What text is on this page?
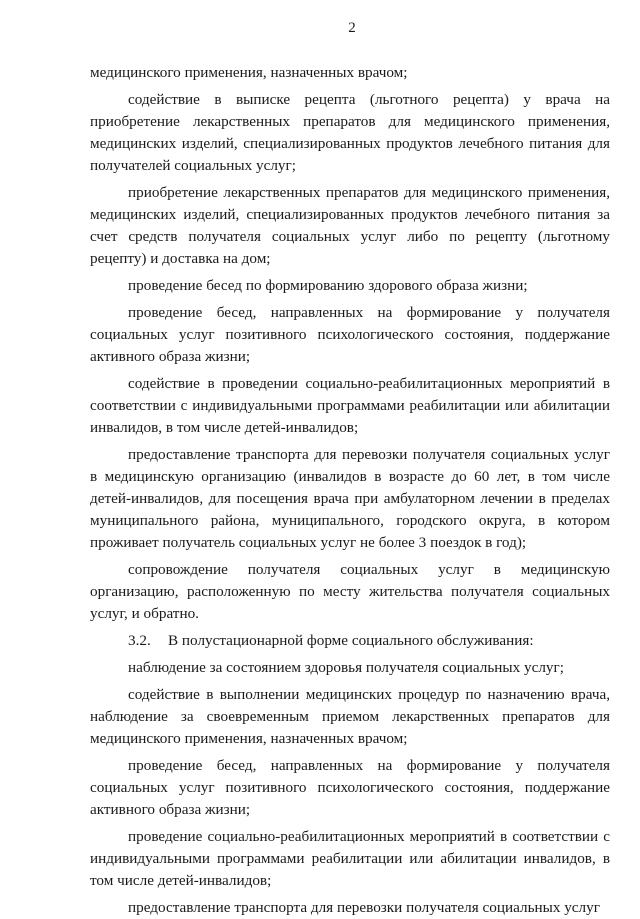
2

медицинского применения, назначенных врачом;

содействие в выписке рецепта (льготного рецепта) у врача на приобретение лекарственных препаратов для медицинского применения, медицинских изделий, специализированных продуктов лечебного питания для получателей социальных услуг;

приобретение лекарственных препаратов для медицинского применения, медицинских изделий, специализированных продуктов лечебного питания за счет средств получателя социальных услуг либо по рецепту (льготному рецепту) и доставка на дом;

проведение бесед по формированию здорового образа жизни;

проведение бесед, направленных на формирование у получателя социальных услуг позитивного психологического состояния, поддержание активного образа жизни;

содействие в проведении социально-реабилитационных мероприятий в соответствии с индивидуальными программами реабилитации или абилитации инвалидов, в том числе детей-инвалидов;

предоставление транспорта для перевозки получателя социальных услуг в медицинскую организацию (инвалидов в возрасте до 60 лет, в том числе детей-инвалидов, для посещения врача при амбулаторном лечении в пределах муниципального района, муниципального, городского округа, в котором проживает получатель социальных услуг не более 3 поездок в год);

сопровождение получателя социальных услуг в медицинскую организацию, расположенную по месту жительства получателя социальных услуг, и обратно.

3.2. В полустационарной форме социального обслуживания:

наблюдение за состоянием здоровья получателя социальных услуг;

содействие в выполнении медицинских процедур по назначению врача, наблюдение за своевременным приемом лекарственных препаратов для медицинского применения, назначенных врачом;

проведение бесед, направленных на формирование у получателя социальных услуг позитивного психологического состояния, поддержание активного образа жизни;

проведение социально-реабилитационных мероприятий в соответствии с индивидуальными программами реабилитации или абилитации инвалидов, в том числе детей-инвалидов;

предоставление транспорта для перевозки получателя социальных услуг
